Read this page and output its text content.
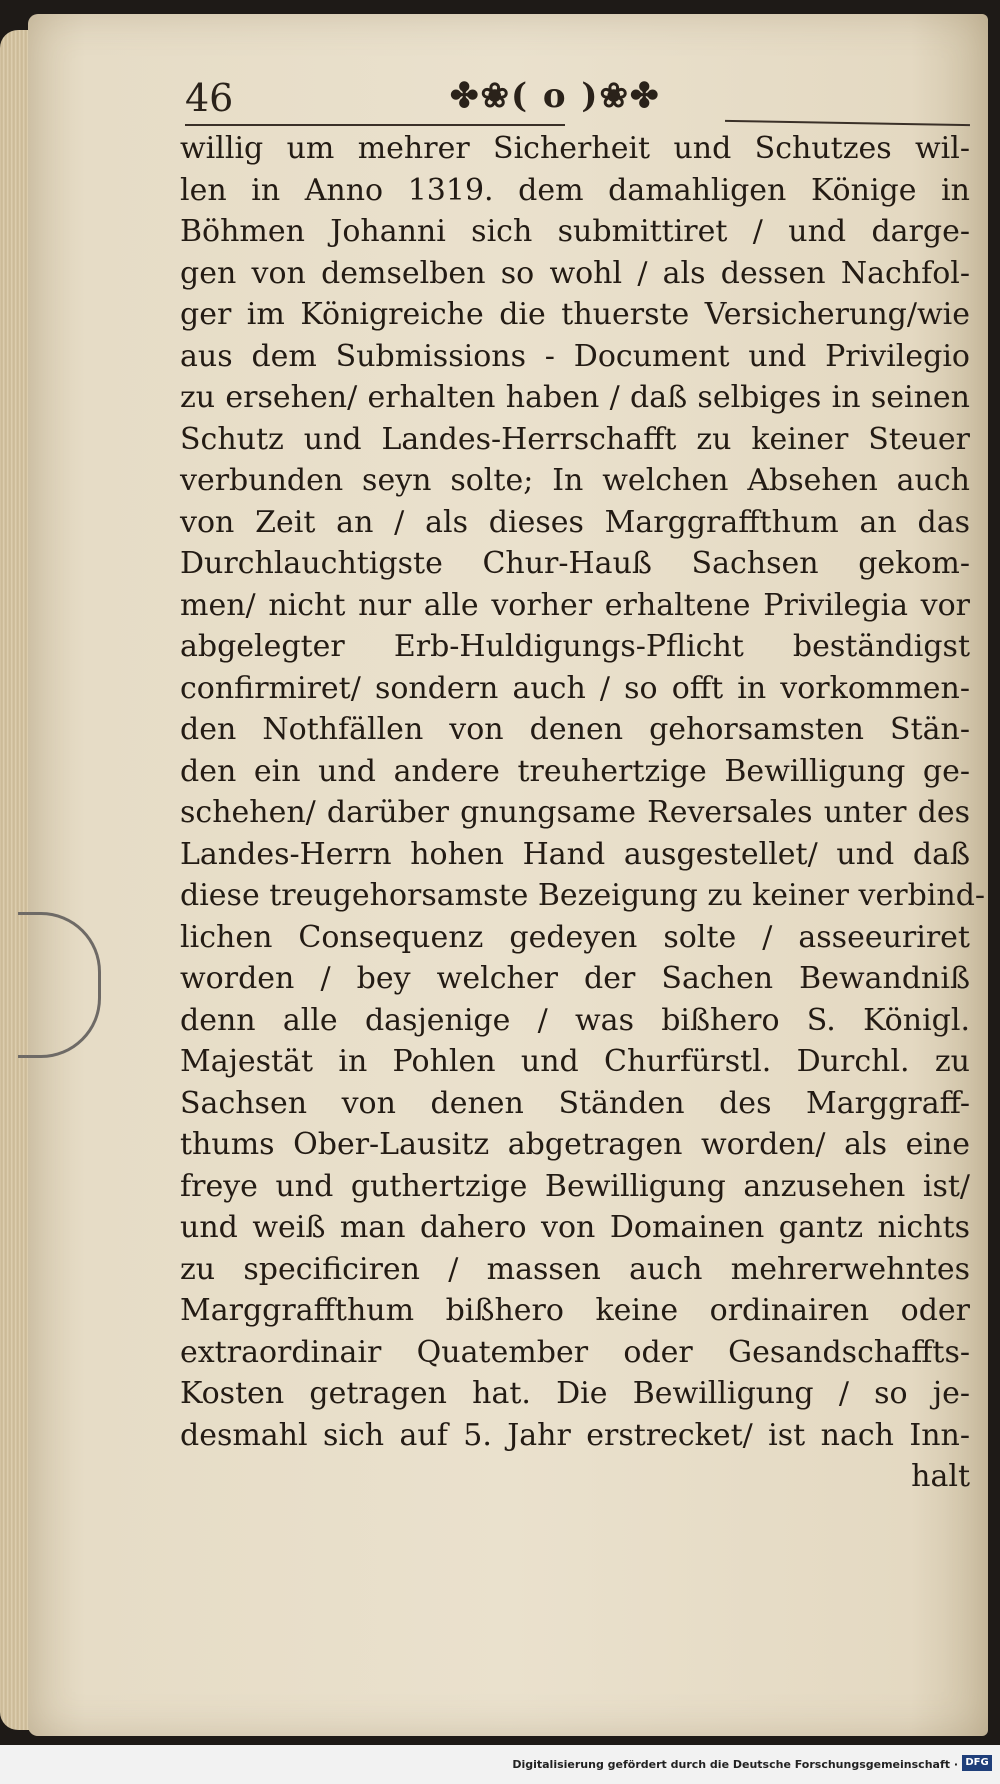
46	✤❀( o )❀✤
willig um mehrer Sicherheit und Schutzes wil-
len in Anno 1319. dem damahligen Könige in
Böhmen Johanni sich submittiret / und darge-
gen von demselben so wohl / als dessen Nachfol-
ger im Königreiche die thuerste Versicherung/wie
aus dem Submissions - Document und Privilegio
zu ersehen/ erhalten haben / daß selbiges in seinen
Schutz und Landes-Herrschafft zu keiner Steuer
verbunden seyn solte; In welchen Absehen auch
von Zeit an / als dieses Marggraffthum an das
Durchlauchtigste Chur-Hauß Sachsen gekom-
men/ nicht nur alle vorher erhaltene Privilegia vor
abgelegter Erb-Huldigungs-Pflicht beständigst
confirmiret/ sondern auch / so offt in vorkommen-
den Nothfällen von denen gehorsamsten Stän-
den ein und andere treuhertzige Bewilligung ge-
schehen/ darüber gnungsame Reversales unter des
Landes-Herrn hohen Hand ausgestellet/ und daß
diese treugehorsamste Bezeigung zu keiner verbind-
lichen Consequenz gedeyen solte / asseeuriret
worden / bey welcher der Sachen Bewandniß
denn alle dasjenige / was bißhero S. Königl.
Majestät in Pohlen und Churfürstl. Durchl. zu
Sachsen von denen Ständen des Marggraff-
thums Ober-Lausitz abgetragen worden/ als eine
freye und guthertzige Bewilligung anzusehen ist/
und weiß man dahero von Domainen gantz nichts
zu specificiren / massen auch mehrerwehntes
Marggraffthum bißhero keine ordinairen oder
extraordinair Quatember oder Gesandschaffts-
Kosten getragen hat. Die Bewilligung / so je-
desmahl sich auf 5. Jahr erstrecket/ ist nach Inn-
halt
Digitalisierung gefördert durch die Deutsche Forschungsgemeinschaft · DFG
